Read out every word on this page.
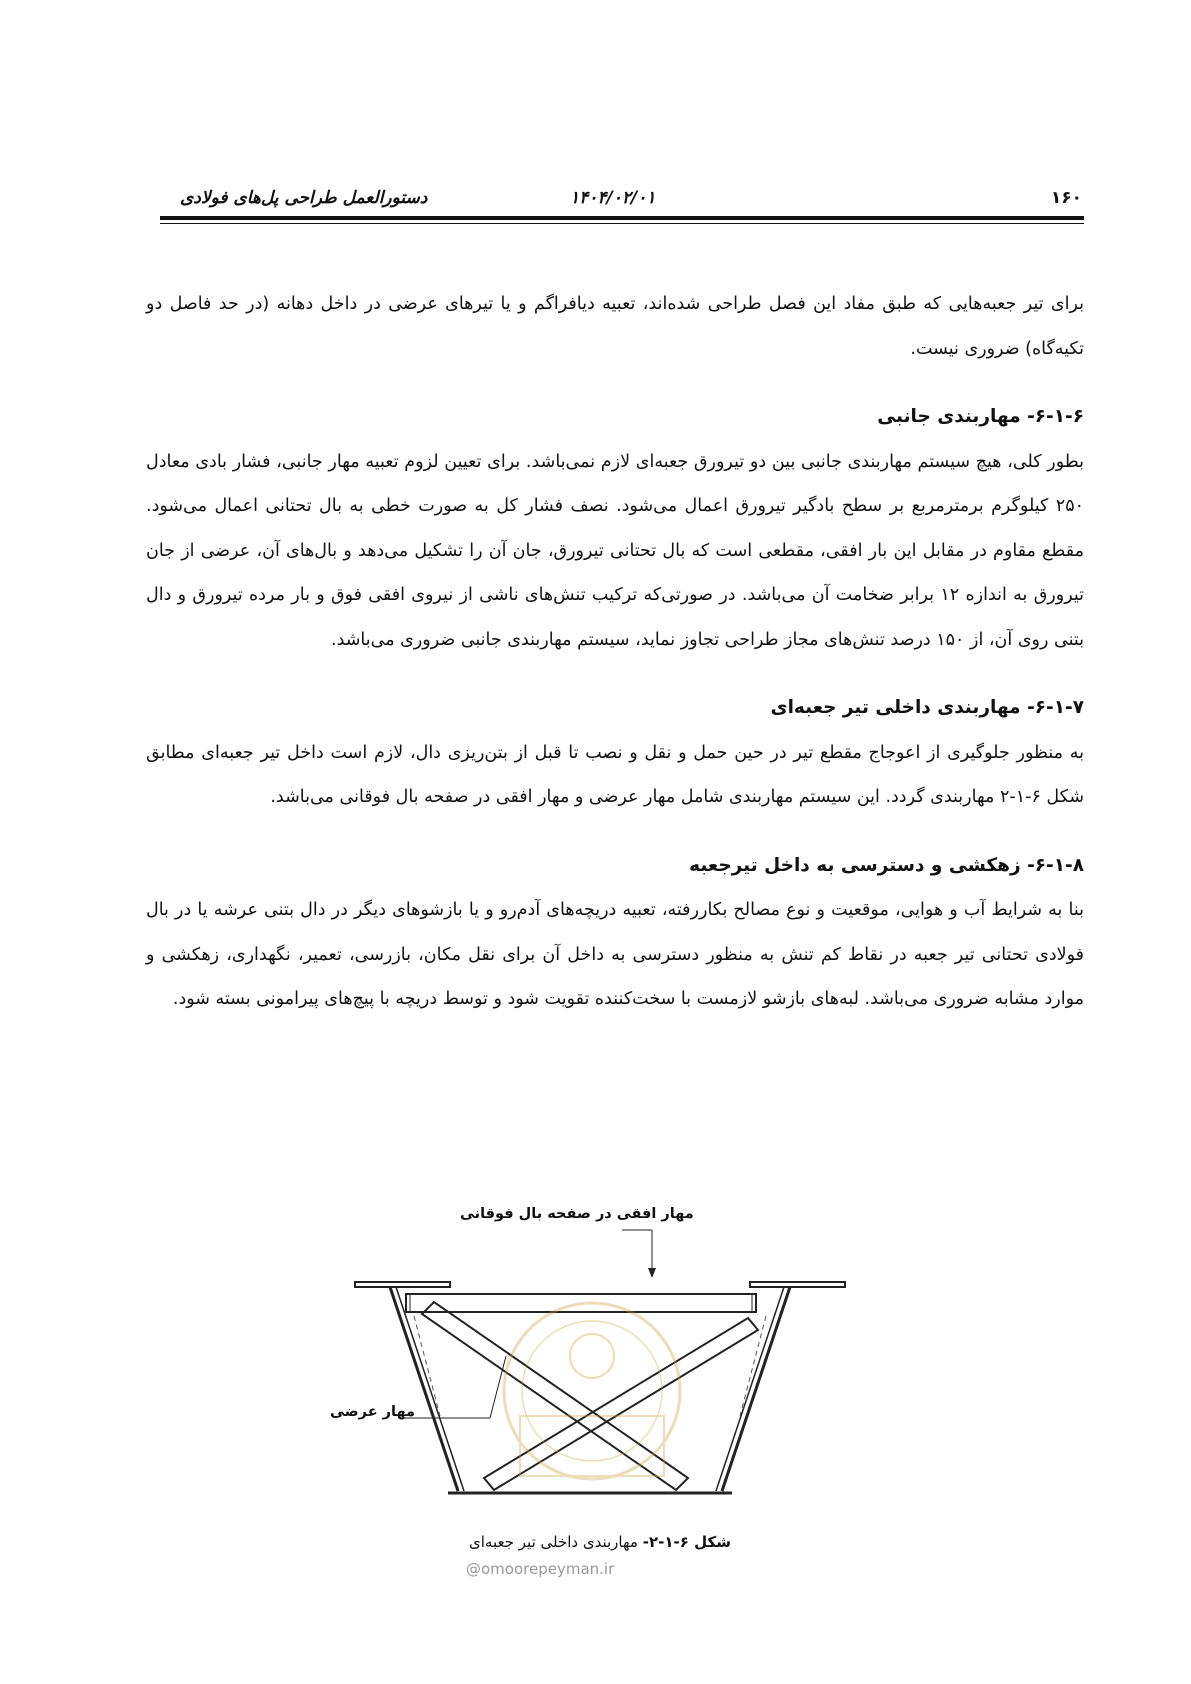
۱۶۰
۱۴۰۴/۰۲/۰۱
دستورالعمل طراحی پل‌های فولادی

برای تیر جعبه‌هایی که طبق مفاد این فصل طراحی شده‌اند، تعبیه دیافراگم و یا تیرهای عرضی در داخل دهانه (در حد فاصل دو تکیه‌گاه) ضروری نیست.

۶-۱-۶- مهاربندی جانبی

بطور کلی، هیچ سیستم مهاربندی جانبی بین دو تیرورق جعبه‌ای لازم نمی‌باشد. برای تعیین لزوم تعبیه مهار جانبی، فشار بادی معادل ۲۵۰ کیلوگرم برمترمربع بر سطح بادگیر تیرورق اعمال می‌شود. نصف فشار کل به صورت خطی به بال تحتانی اعمال می‌شود. مقطع مقاوم در مقابل این بار افقی، مقطعی است که بال تحتانی تیرورق، جان آن را تشکیل می‌دهد و بال‌های آن، عرضی از جان تیرورق به اندازه ۱۲ برابر ضخامت آن می‌باشد. در صورتی‌که ترکیب تنش‌های ناشی از نیروی افقی فوق و بار مرده تیرورق و دال بتنی روی آن، از ۱۵۰ درصد تنش‌های مجاز طراحی تجاوز نماید، سیستم مهاربندی جانبی ضروری می‌باشد.

۶-۱-۷- مهاربندی داخلی تیر جعبه‌ای

به منظور جلوگیری از اعوجاج مقطع تیر در حین حمل و نقل و نصب تا قبل از بتن‌ریزی دال، لازم است داخل تیر جعبه‌ای مطابق شکل ۶-۱-۲ مهاربندی گردد. این سیستم مهاربندی شامل مهار عرضی و مهار افقی در صفحه بال فوقانی می‌باشد.

۶-۱-۸- زهکشی و دسترسی به داخل تیرجعبه

بنا به شرایط آب و هوایی، موقعیت و نوع مصالح بکاررفته، تعبیه دریچه‌های آدم‌رو و یا بازشوهای دیگر در دال بتنی عرشه یا در بال فولادی تحتانی تیر جعبه در نقاط کم تنش به منظور دسترسی به داخل آن برای نقل مکان، بازرسی، تعمیر، نگهداری، زهکشی و موارد مشابه ضروری می‌باشد. لبه‌های بازشو لازمست با سخت‌کننده تقویت شود و توسط دریچه با پیچ‌های پیرامونی بسته شود.

مهار افقی در صفحه بال فوقانی
مهار عرضی
شکل ۶-۱-۲- مهاربندی داخلی تیر جعبه‌ای
@omoorepeyman.ir
